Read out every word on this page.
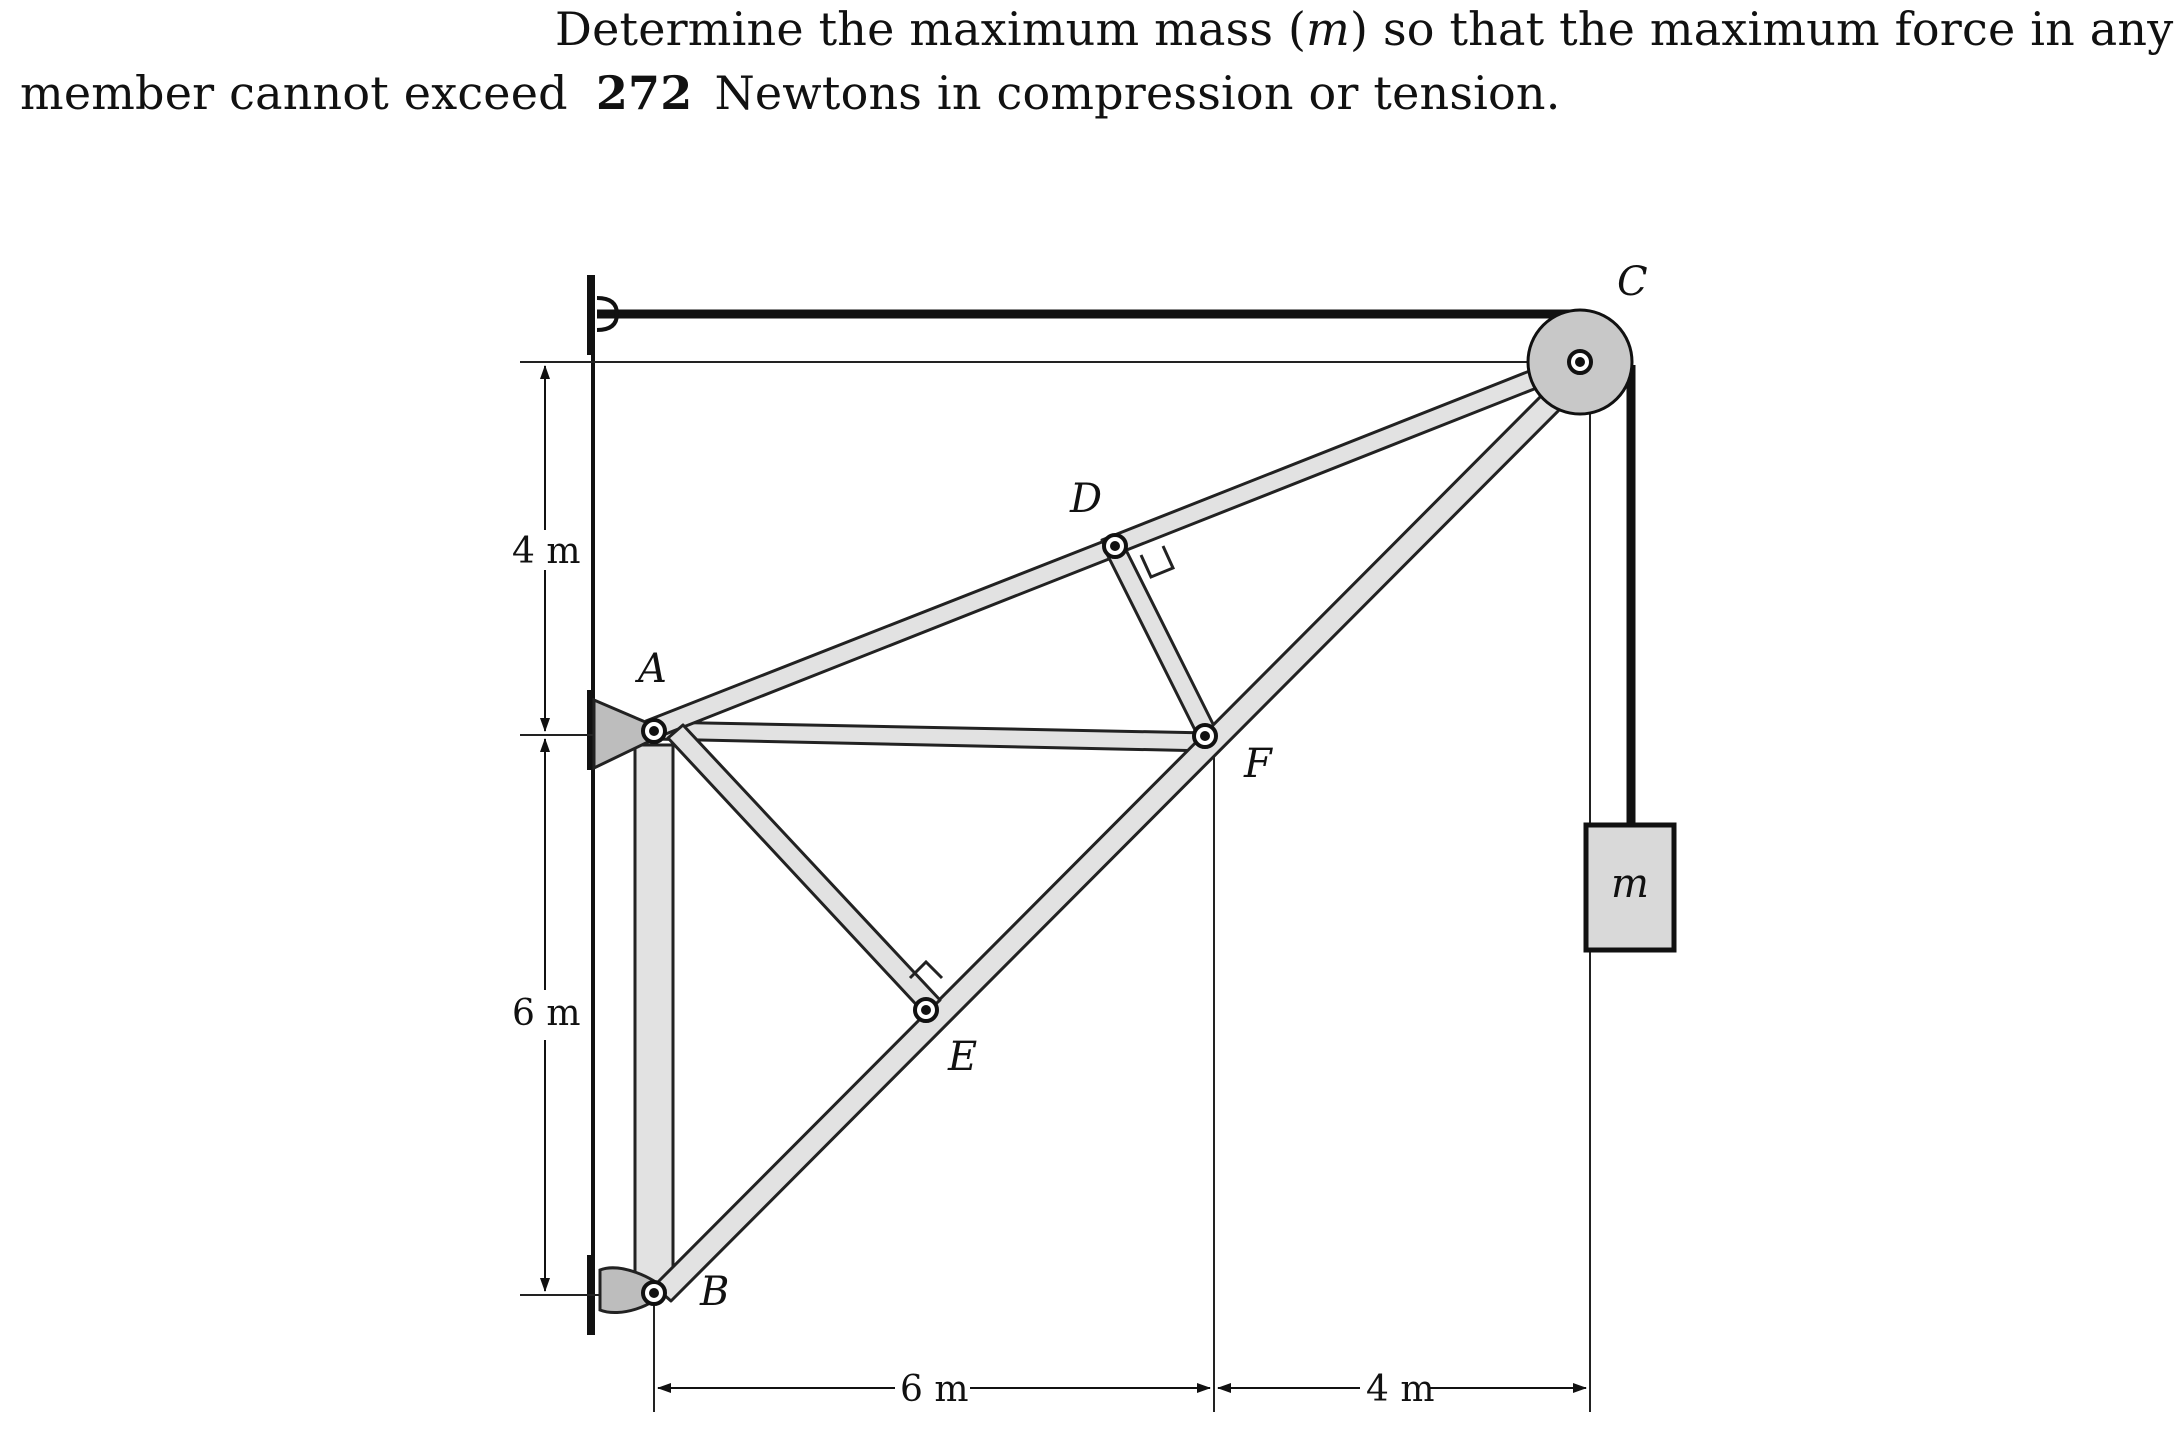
Determine the maximum mass (m) so that the maximum force in any
member cannot exceed 272 Newtons in compression or tension.
4 m
6 m
6 m	4 m
m
A
B
C
D
E
F
